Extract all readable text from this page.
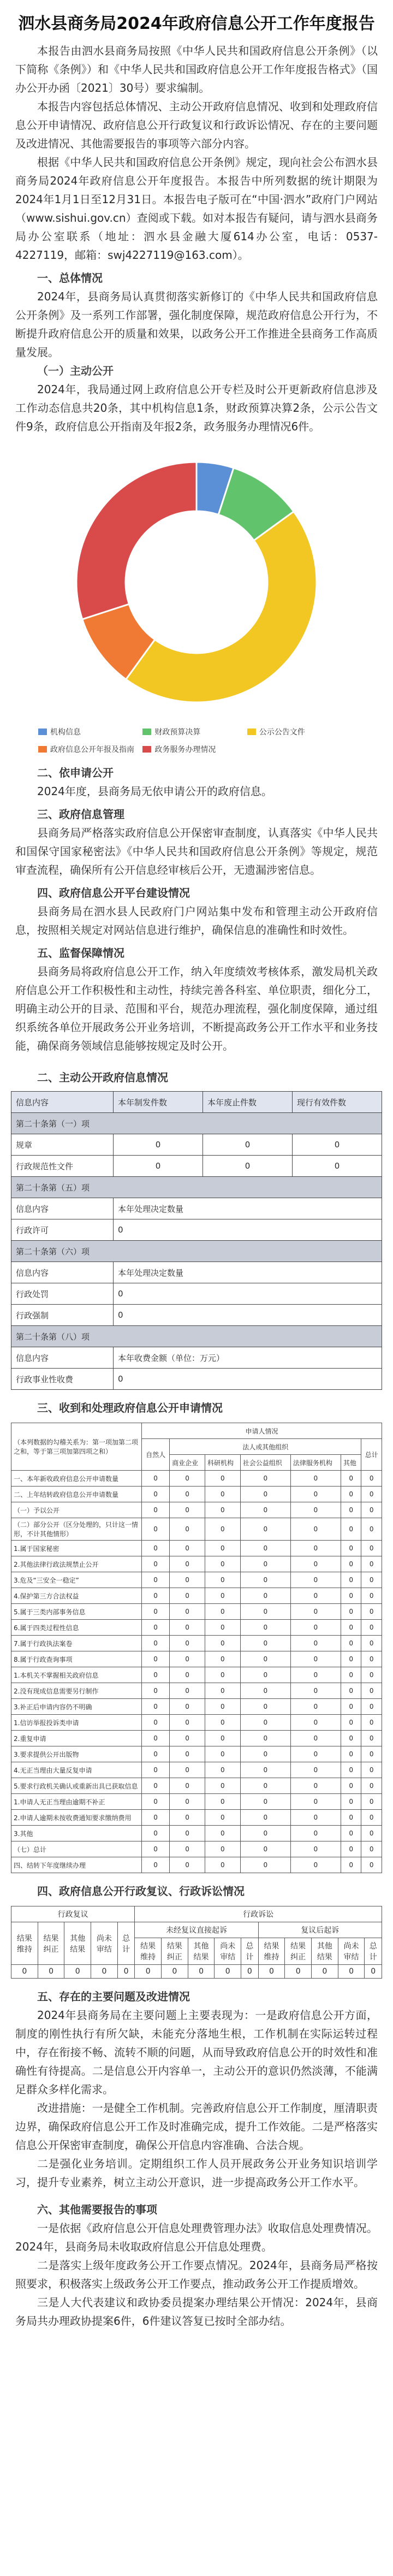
泗水县商务局2024年政府信息公开工作年度报告

本报告由泗水县商务局按照《中华人民共和国政府信息公开条例》（以下简称《条例》）和《中华人民共和国政府信息公开工作年度报告格式》（国办公开办函〔2021〕30号）要求编制。

本报告内容包括总体情况、主动公开政府信息情况、收到和处理政府信息公开申请情况、政府信息公开行政复议和行政诉讼情况、存在的主要问题及改进情况、其他需要报告的事项等六部分内容。

根据《中华人民共和国政府信息公开条例》规定，现向社会公布泗水县商务局2024年政府信息公开年度报告。本报告中所列数据的统计期限为2024年1月1日至12月31日。本报告电子版可在“中国·泗水”政府门户网站（www.sishui.gov.cn）查阅或下载。如对本报告有疑问，请与泗水县商务局办公室联系（地址：泗水县金融大厦614办公室，电话：0537-4227119，邮箱：swj4227119@163.com）。

一、总体情况

2024年，县商务局认真贯彻落实新修订的《中华人民共和国政府信息公开条例》及一系列工作部署，强化制度保障，规范政府信息公开行为，不断提升政府信息公开的质量和效果，以政务公开工作推进全县商务工作高质量发展。

（一）主动公开

2024年，我局通过网上政府信息公开专栏及时公开更新政府信息涉及工作动态信息共20条，其中机构信息1条，财政预算决算2条，公示公告文件9条，政府信息公开指南及年报2条，政务服务办理情况6件。

机构信息	财政预算决算	公示公告文件
政府信息公开年报及指南	政务服务办理情况
二、依申请公开

2024年度，县商务局无依申请公开的政府信息。

三、政府信息管理

县商务局严格落实政府信息公开保密审查制度，认真落实《中华人民共和国保守国家秘密法》《中华人民共和国政府信息公开条例》等规定，规范审查流程，确保所有公开信息经审核后公开，无遗漏涉密信息。

四、政府信息公开平台建设情况

县商务局在泗水县人民政府门户网站集中发布和管理主动公开政府信息，按照相关规定对网站信息进行维护，确保信息的准确性和时效性。

五、监督保障情况

县商务局将政府信息公开工作，纳入年度绩效考核体系，激发局机关政府信息公开工作积极性和主动性，持续完善各科室、单位职责，细化分工，明确主动公开的目录、范围和平台，规范办理流程，强化制度保障，通过组织系统各单位开展政务公开业务培训，不断提高政务公开工作水平和业务技能，确保商务领域信息能够按规定及时公开。

二、主动公开政府信息情况
信息内容	本年制发件数	本年废止件数	现行有效件数
第二十条第（一）项			
规章	0	0	0
行政规范性文件	0	0	0
第二十条第（五）项			
信息内容	本年处理决定数量		
行政许可	0		
第二十条第（六）项			
信息内容	本年处理决定数量		
行政处罚	0		
行政强制	0		
第二十条第（八）项			
信息内容	本年收费金额（单位：万元）		
行政事业性收费	0		
三、收到和处理政府信息公开申请情况
（本列数据的勾稽关系为：第一项加第二项之和，等于第三项加第四项之和）	申请人情况						
	自然人	法人或其他组织					总计
		商业企业	科研机构	社会公益组织	法律服务机构	其他	
一、本年新收政府信息公开申请数量	0	0	0	0	0	0	0
二、上年结转政府信息公开申请数量	0	0	0	0	0	0	0
（一）予以公开	0	0	0	0	0	0	0
（二）部分公开（区分处理的，只计这一情形，不计其他情形）	0	0	0	0	0	0	0
1.属于国家秘密	0	0	0	0	0	0	0
2.其他法律行政法规禁止公开	0	0	0	0	0	0	0
3.危及“三安全一稳定”	0	0	0	0	0	0	0
4.保护第三方合法权益	0	0	0	0	0	0	0
5.属于三类内部事务信息	0	0	0	0	0	0	0
6.属于四类过程性信息	0	0	0	0	0	0	0
7.属于行政执法案卷	0	0	0	0	0	0	0
8.属于行政查询事项	0	0	0	0	0	0	0
1.本机关不掌握相关政府信息	0	0	0	0	0	0	0
2.没有现成信息需要另行制作	0	0	0	0	0	0	0
3.补正后申请内容仍不明确	0	0	0	0	0	0	0
1.信访举报投诉类申请	0	0	0	0	0	0	0
2.重复申请	0	0	0	0	0	0	0
3.要求提供公开出版物	0	0	0	0	0	0	0
4.无正当理由大量反复申请	0	0	0	0	0	0	0
5.要求行政机关确认或重新出具已获取信息	0	0	0	0	0	0	0
1.申请人无正当理由逾期不补正	0	0	0	0	0	0	0
2.申请人逾期未按收费通知要求缴纳费用	0	0	0	0	0	0	0
3.其他	0	0	0	0	0	0	0
（七）总计	0	0	0	0	0	0	0
四、结转下年度继续办理	0	0	0	0	0	0	0
四、政府信息公开行政复议、行政诉讼情况
行政复议					行政诉讼									
结果维持	结果纠正	其他结果	尚未审结	总计	未经复议直接起诉					复议后起诉				
					结果维持	结果纠正	其他结果	尚未审结	总计	结果维持	结果纠正	其他结果	尚未审结	总计
0	0	0	0	0	0	0	0	0	0	0	0	0	0	0
五、存在的主要问题及改进情况

2024年县商务局在主要问题上主要表现为：一是政府信息公开方面，制度的刚性执行有所欠缺，未能充分落地生根，工作机制在实际运转过程中，存在衔接不畅、流转不顺的问题，从而导致政府信息公开的时效性和准确性有待提高。二是信息公开内容单一，主动公开的意识仍然淡薄，不能满足群众多样化需求。

改进措施：一是健全工作机制。完善政府信息公开工作制度，厘清职责边界，确保政府信息公开工作及时准确完成，提升工作效能。二是严格落实信息公开保密审查制度，确保公开信息内容准确、合法合规。

二是强化业务培训。定期组织工作人员开展政务公开业务知识培训学习，提升专业素养，树立主动公开意识，进一步提高政务公开工作水平。

六、其他需要报告的事项

一是依据《政府信息公开信息处理费管理办法》收取信息处理费情况。2024年，县商务局未收取政府信息公开信息处理费。

二是落实上级年度政务公开工作要点情况。2024年，县商务局严格按照要求，积极落实上级政务公开工作要点，推动政务公开工作提质增效。

三是人大代表建议和政协委员提案办理结果公开情况：2024年，县商务局共办理政协提案6件，6件建议答复已按时全部办结。
